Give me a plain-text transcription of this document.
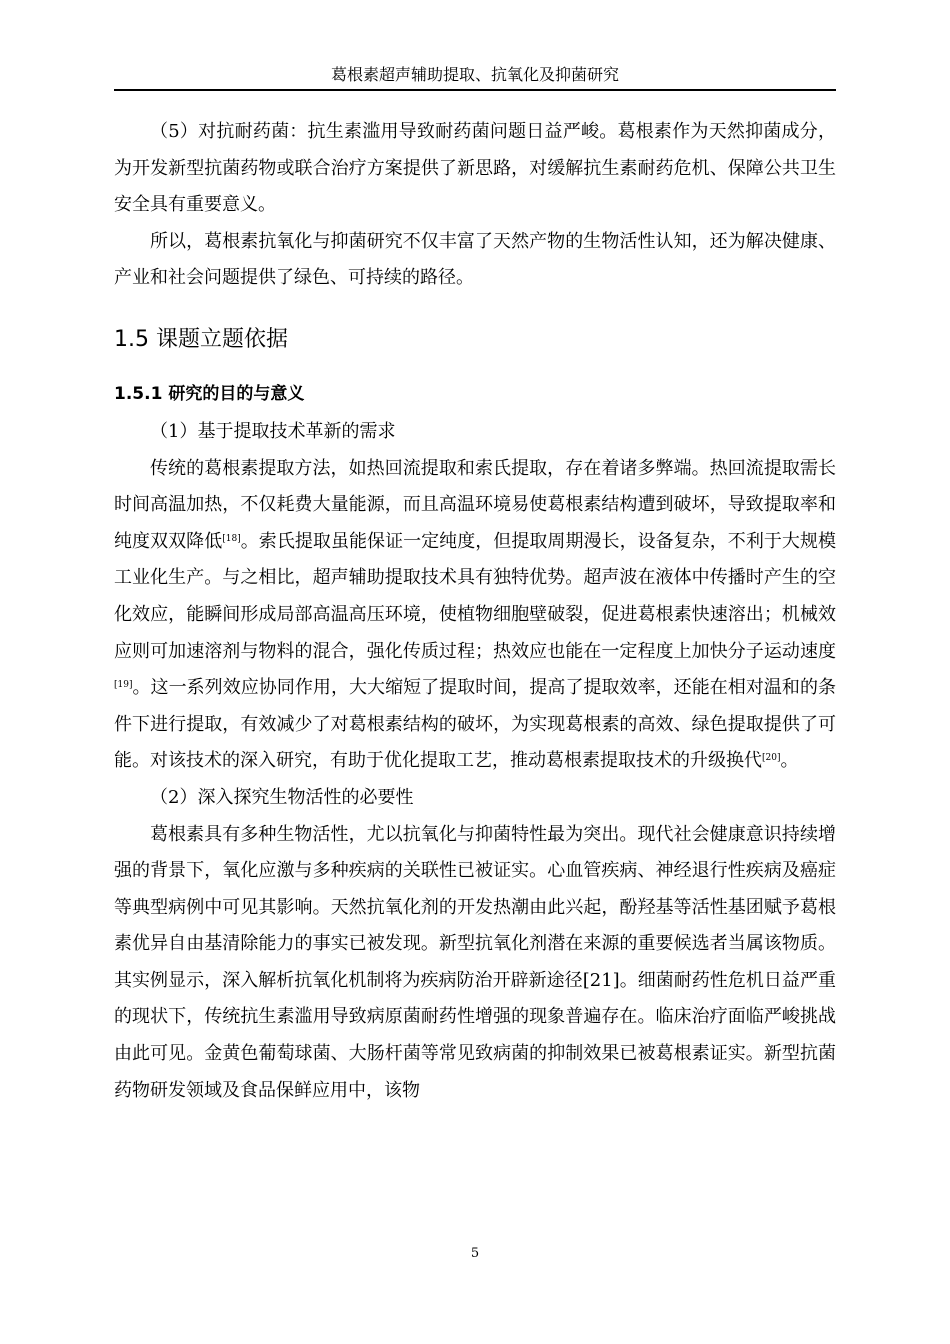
葛根素超声辅助提取、抗氧化及抑菌研究

（5）对抗耐药菌：抗生素滥用导致耐药菌问题日益严峻。葛根素作为天然抑菌成分，为开发新型抗菌药物或联合治疗方案提供了新思路，对缓解抗生素耐药危机、保障公共卫生安全具有重要意义。

所以，葛根素抗氧化与抑菌研究不仅丰富了天然产物的生物活性认知，还为解决健康、产业和社会问题提供了绿色、可持续的路径。

1.5 课题立题依据
1.5.1 研究的目的与意义

（1）基于提取技术革新的需求

传统的葛根素提取方法，如热回流提取和索氏提取，存在着诸多弊端。热回流提取需长时间高温加热，不仅耗费大量能源，而且高温环境易使葛根素结构遭到破坏，导致提取率和纯度双双降低[18]。索氏提取虽能保证一定纯度，但提取周期漫长，设备复杂，不利于大规模工业化生产。与之相比，超声辅助提取技术具有独特优势。超声波在液体中传播时产生的空化效应，能瞬间形成局部高温高压环境，使植物细胞壁破裂，促进葛根素快速溶出；机械效应则可加速溶剂与物料的混合，强化传质过程；热效应也能在一定程度上加快分子运动速度[19]。这一系列效应协同作用，大大缩短了提取时间，提高了提取效率，还能在相对温和的条件下进行提取，有效减少了对葛根素结构的破坏，为实现葛根素的高效、绿色提取提供了可能。对该技术的深入研究，有助于优化提取工艺，推动葛根素提取技术的升级换代[20]。

（2）深入探究生物活性的必要性

葛根素具有多种生物活性，尤以抗氧化与抑菌特性最为突出。现代社会健康意识持续增强的背景下，氧化应激与多种疾病的关联性已被证实。心血管疾病、神经退行性疾病及癌症等典型病例中可见其影响。天然抗氧化剂的开发热潮由此兴起，酚羟基等活性基团赋予葛根素优异自由基清除能力的事实已被发现。新型抗氧化剂潜在来源的重要候选者当属该物质。其实例显示，深入解析抗氧化机制将为疾病防治开辟新途径[21]。细菌耐药性危机日益严重的现状下，传统抗生素滥用导致病原菌耐药性增强的现象普遍存在。临床治疗面临严峻挑战由此可见。金黄色葡萄球菌、大肠杆菌等常见致病菌的抑制效果已被葛根素证实。新型抗菌药物研发领域及食品保鲜应用中，该物

5
